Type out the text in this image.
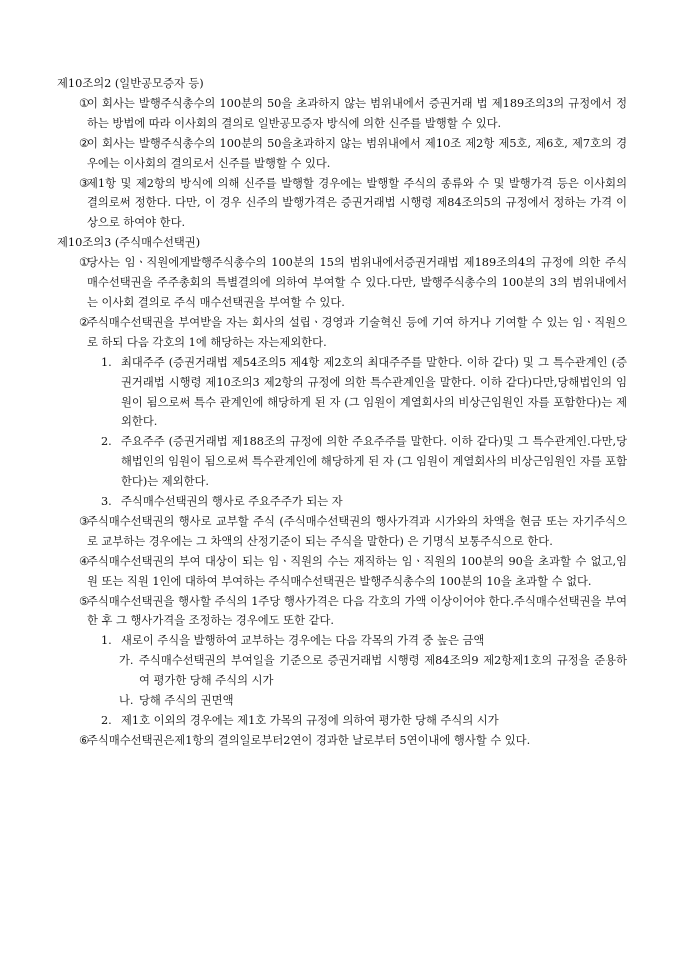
제10조의2 (일반공모증자 등)

①
이 회사는 발행주식총수의 100분의 50을 초과하지 않는 범위내에서 증권거래 법 제189조의3의 규정에서 정하는 방법에 따라 이사회의 결의로 일반공모증자 방식에 의한 신주를 발행할 수 있다.
②
이 회사는 발행주식총수의 100분의 50을초과하지 않는 범위내에서 제10조 제2항 제5호, 제6호, 제7호의 경우에는 이사회의 결의로서 신주를 발행할 수 있다.
③
제1항 및 제2항의 방식에 의해 신주를 발행할 경우에는 발행할 주식의 종류와 수 및 발행가격 등은 이사회의 결의로써 정한다. 다만, 이 경우 신주의 발행가격은 증권거래법 시행령 제84조의5의 규정에서 정하는 가격 이상으로 하여야 한다.

제10조의3 (주식매수선택권)

①
당사는 임ㆍ직원에게발행주식총수의 100분의 15의 범위내에서증권거래법 제189조의4의 규정에 의한 주식매수선택권을 주주총회의 특별결의에 의하여 부여할 수 있다.다만, 발행주식총수의 100분의 3의 범위내에서는 이사회 결의로 주식 매수선택권을 부여할 수 있다.
②
주식매수선택권을 부여받을 자는 회사의 설립ㆍ경영과 기술혁신 등에 기여 하거나 기여할 수 있는 임ㆍ직원으로 하되 다음 각호의 1에 해당하는 자는제외한다.
1. 최대주주 (증권거래법 제54조의5 제4항 제2호의 최대주주를 말한다. 이하 같다) 및 그 특수관계인 (증권거래법 시행령 제10조의3 제2항의 규정에 의한 특수관계인을 말한다. 이하 같다)다만,당해법인의 임원이 됨으로써 특수 관계인에 해당하게 된 자 (그 임원이 계열회사의 비상근임원인 자를 포함한다)는 제외한다.
2. 주요주주 (증권거래법 제188조의 규정에 의한 주요주주를 말한다. 이하 같다)및 그 특수관계인.다만,당해법인의 임원이 됨으로써 특수관계인에 해당하게 된 자 (그 임원이 계열회사의 비상근임원인 자를 포함한다)는 제외한다.
3. 주식매수선택권의 행사로 주요주주가 되는 자
③
주식매수선택권의 행사로 교부할 주식 (주식매수선택권의 행사가격과 시가와의 차액을 현금 또는 자기주식으로 교부하는 경우에는 그 차액의 산정기준이 되는 주식을 말한다) 은 기명식 보통주식으로 한다.
④
주식매수선택권의 부여 대상이 되는 임ㆍ직원의 수는 재직하는 임ㆍ직원의 100분의 90을 초과할 수 없고,임원 또는 직원 1인에 대하여 부여하는 주식매수선택권은 발행주식총수의 100분의 10을 초과할 수 없다.
⑤
주식매수선택권을 행사할 주식의 1주당 행사가격은 다음 각호의 가액 이상이어야 한다.주식매수선택권을 부여한 후 그 행사가격을 조정하는 경우에도 또한 같다.
1. 새로이 주식을 발행하여 교부하는 경우에는 다음 각목의 가격 중 높은 금액
가. 주식매수선택권의 부여일을 기준으로 증권거래법 시행령 제84조의9 제2항제1호의 규정을 준용하여 평가한 당해 주식의 시가
나. 당해 주식의 권면액
2. 제1호 이외의 경우에는 제1호 가목의 규정에 의하여 평가한 당해 주식의 시가
⑥
주식매수선택권은제1항의 결의일로부터2연이 경과한 날로부터 5연이내에 행사할 수 있다.
